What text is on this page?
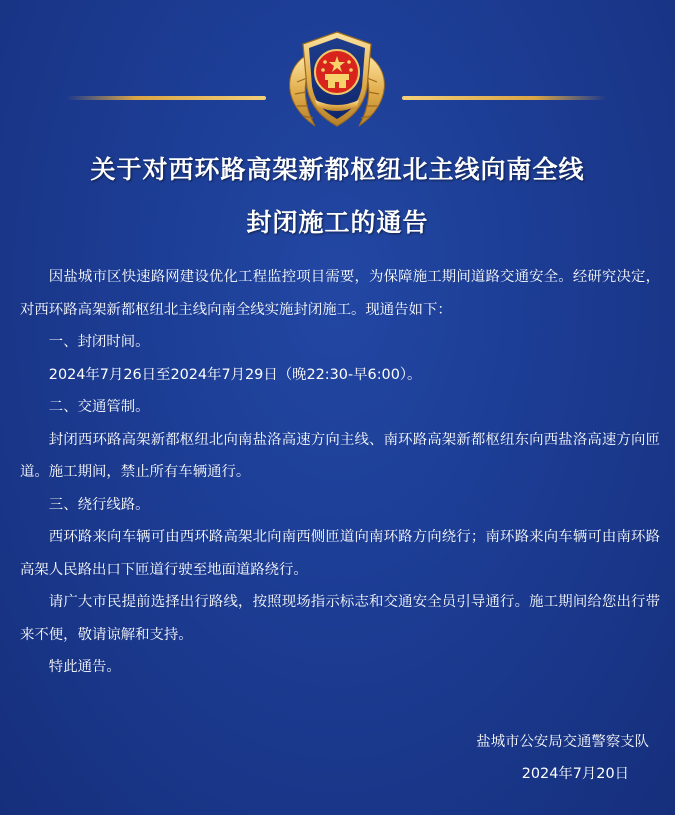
关于对西环路高架新都枢纽北主线向南全线
封闭施工的通告

因盐城市区快速路网建设优化工程监控项目需要，为保障施工期间道路交通安全。经研究决定，对西环路高架新都枢纽北主线向南全线实施封闭施工。现通告如下：

一、封闭时间。

2024年7月26日至2024年7月29日（晚22:30-早6:00）。

二、交通管制。

封闭西环路高架新都枢纽北向南盐洛高速方向主线、南环路高架新都枢纽东向西盐洛高速方向匝道。施工期间，禁止所有车辆通行。

三、绕行线路。

西环路来向车辆可由西环路高架北向南西侧匝道向南环路方向绕行；南环路来向车辆可由南环路高架人民路出口下匝道行驶至地面道路绕行。

请广大市民提前选择出行路线，按照现场指示标志和交通安全员引导通行。施工期间给您出行带来不便，敬请谅解和支持。

特此通告。

盐城市公安局交通警察支队
2024年7月20日
